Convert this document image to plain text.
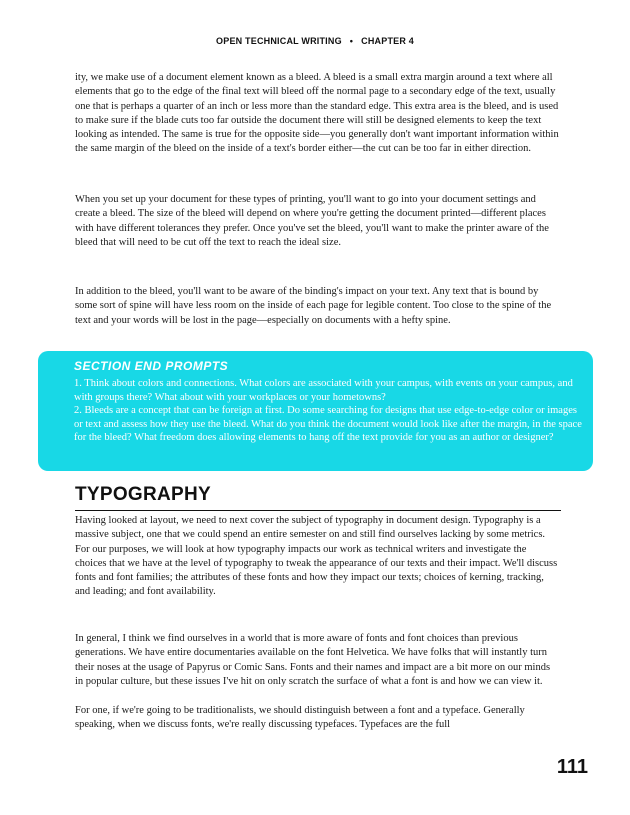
OPEN TECHNICAL WRITING • CHAPTER 4

ity, we make use of a document element known as a bleed. A bleed is a small extra margin around a text where all elements that go to the edge of the final text will bleed off the normal page to a secondary edge of the text, usually one that is perhaps a quarter of an inch or less more than the standard edge. This extra area is the bleed, and is used to make sure if the blade cuts too far outside the document there will still be designed elements to keep the text looking as intended. The same is true for the opposite side—you generally don't want important information within the same margin of the bleed on the inside of a text's border either—the cut can be too far in either direction.

When you set up your document for these types of printing, you'll want to go into your document settings and create a bleed. The size of the bleed will depend on where you're getting the document printed—different places with have different tolerances they prefer. Once you've set the bleed, you'll want to make the printer aware of the bleed that will need to be cut off the text to reach the ideal size.

In addition to the bleed, you'll want to be aware of the binding's impact on your text. Any text that is bound by some sort of spine will have less room on the inside of each page for legible content. Too close to the spine of the text and your words will be lost in the page—especially on documents with a hefty spine.

SECTION END PROMPTS
1. Think about colors and connections. What colors are associated with your campus, with events on your campus, and with groups there? What about with your workplaces or your hometowns?
2. Bleeds are a concept that can be foreign at first. Do some searching for designs that use edge-to-edge color or images or text and assess how they use the bleed. What do you think the document would look like after the margin, in the space for the bleed? What freedom does allowing elements to hang off the text provide for you as an author or designer?
TYPOGRAPHY

Having looked at layout, we need to next cover the subject of typography in document design. Typography is a massive subject, one that we could spend an entire semester on and still find ourselves lacking by some metrics. For our purposes, we will look at how typography impacts our work as technical writers and investigate the choices that we have at the level of typography to tweak the appearance of our texts and their impact. We'll discuss fonts and font families; the attributes of these fonts and how they impact our texts; choices of kerning, tracking, and leading; and font availability.

In general, I think we find ourselves in a world that is more aware of fonts and font choices than previous generations. We have entire documentaries available on the font Helvetica. We have folks that will instantly turn their noses at the usage of Papyrus or Comic Sans. Fonts and their names and impact are a bit more on our minds in popular culture, but these issues I've hit on only scratch the surface of what a font is and how we can view it.

For one, if we're going to be traditionalists, we should distinguish between a font and a typeface. Generally speaking, when we discuss fonts, we're really discussing typefaces. Typefaces are the full

111
